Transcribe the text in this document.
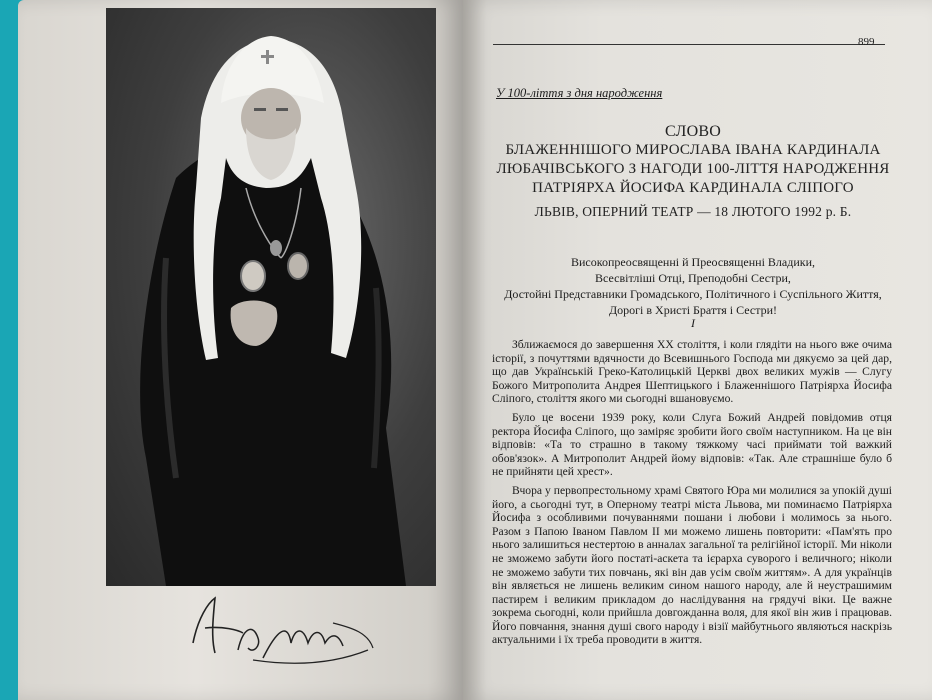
899
У 100-ліття з дня народження
СЛОВО
БЛАЖЕННІШОГО МИРОСЛАВА ІВАНА КАРДИНАЛА
ЛЮБАЧІВСЬКОГО З НАГОДИ 100-ЛІТТЯ НАРОДЖЕННЯ
ПАТРІЯРХА ЙОСИФА КАРДИНАЛА СЛІПОГО
ЛЬВІВ, ОПЕРНИЙ ТЕАТР — 18 ЛЮТОГО 1992 р. Б.
Високопреосвященні й Преосвященні Владики,
Всесвітліші Отці, Преподобні Сестри,
Достойні Представники Громадського, Політичного і Суспільного Життя,
Дорогі в Христі Браття і Сестри!
I

Зближаємося до завершення XX століття, і коли глядіти на нього вже очима історії, з почуттями вдячности до Всевишнього Господа ми дякуємо за цей дар, що дав Українській Греко-Католицькій Церкві двох великих мужів — Слугу Божого Митрополита Андрея Шептицького і Блаженнішого Патріярха Йосифа Сліпого, століття якого ми сьогодні вшановуємо.

Було це восени 1939 року, коли Слуга Божий Андрей повідомив отця ректора Йосифа Сліпого, що заміряє зробити його своїм наступником. На це він відповів: «Та то страшно в такому тяжкому часі приймати той важкий обов'язок». А Митрополит Андрей йому відповів: «Так. Але страшніше було б не прийняти цей хрест».

Вчора у первопрестольному храмі Святого Юра ми молилися за упокій душі його, а сьогодні тут, в Оперному театрі міста Львова, ми поминаємо Патріярха Йосифа з особливими почуваннями пошани і любови і молимось за нього. Разом з Папою Іваном Павлом II ми можемо лишень повторити: «Пам'ять про нього залишиться нестертою в анналах загальної та релігійної історії. Ми ніколи не зможемо забути його постаті-аскета та ієрарха суворого і величного; ніколи не зможемо забути тих повчань, які він дав усім своїм життям». А для українців він являється не лишень великим сином нашого народу, але й неустрашимим пастирем і великим прикладом до наслідування на грядучі віки. Це важне зокрема сьогодні, коли прийшла довгожданна воля, для якої він жив і працював. Його повчання, знання душі свого народу і візії майбутнього являються наскрізь актуальними і їх треба проводити в життя.
